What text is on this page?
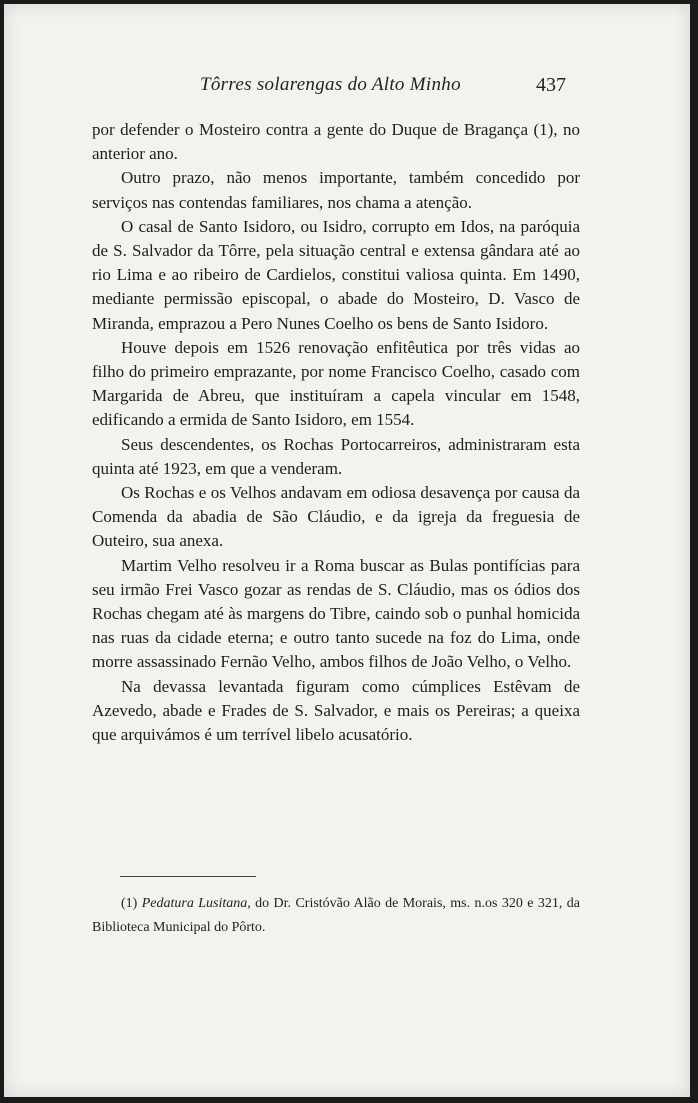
Tôrres solarengas do Alto Minho	437

por defender o Mosteiro contra a gente do Duque de Bragança (1), no anterior ano.

Outro prazo, não menos importante, também concedido por serviços nas contendas familiares, nos chama a atenção.

O casal de Santo Isidoro, ou Isidro, corrupto em Idos, na paróquia de S. Salvador da Tôrre, pela situação central e extensa gândara até ao rio Lima e ao ribeiro de Cardielos, constitui valiosa quinta. Em 1490, mediante permissão episcopal, o abade do Mosteiro, D. Vasco de Miranda, emprazou a Pero Nunes Coelho os bens de Santo Isidoro.

Houve depois em 1526 renovação enfitêutica por três vidas ao filho do primeiro emprazante, por nome Francisco Coelho, casado com Margarida de Abreu, que instituíram a capela vincular em 1548, edificando a ermida de Santo Isidoro, em 1554.

Seus descendentes, os Rochas Portocarreiros, administraram esta quinta até 1923, em que a venderam.

Os Rochas e os Velhos andavam em odiosa desavença por causa da Comenda da abadia de São Cláudio, e da igreja da freguesia de Outeiro, sua anexa.

Martim Velho resolveu ir a Roma buscar as Bulas pontifícias para seu irmão Frei Vasco gozar as rendas de S. Cláudio, mas os ódios dos Rochas chegam até às margens do Tibre, caindo sob o punhal homicida nas ruas da cidade eterna; e outro tanto sucede na foz do Lima, onde morre assassinado Fernão Velho, ambos filhos de João Velho, o Velho.

Na devassa levantada figuram como cúmplices Estêvam de Azevedo, abade e Frades de S. Salvador, e mais os Pereiras; a queixa que arquivámos é um terrível libelo acusatório.

(1) Pedatura Lusitana, do Dr. Cristóvão Alão de Morais, ms. n.os 320 e 321, da Biblioteca Municipal do Pôrto.
